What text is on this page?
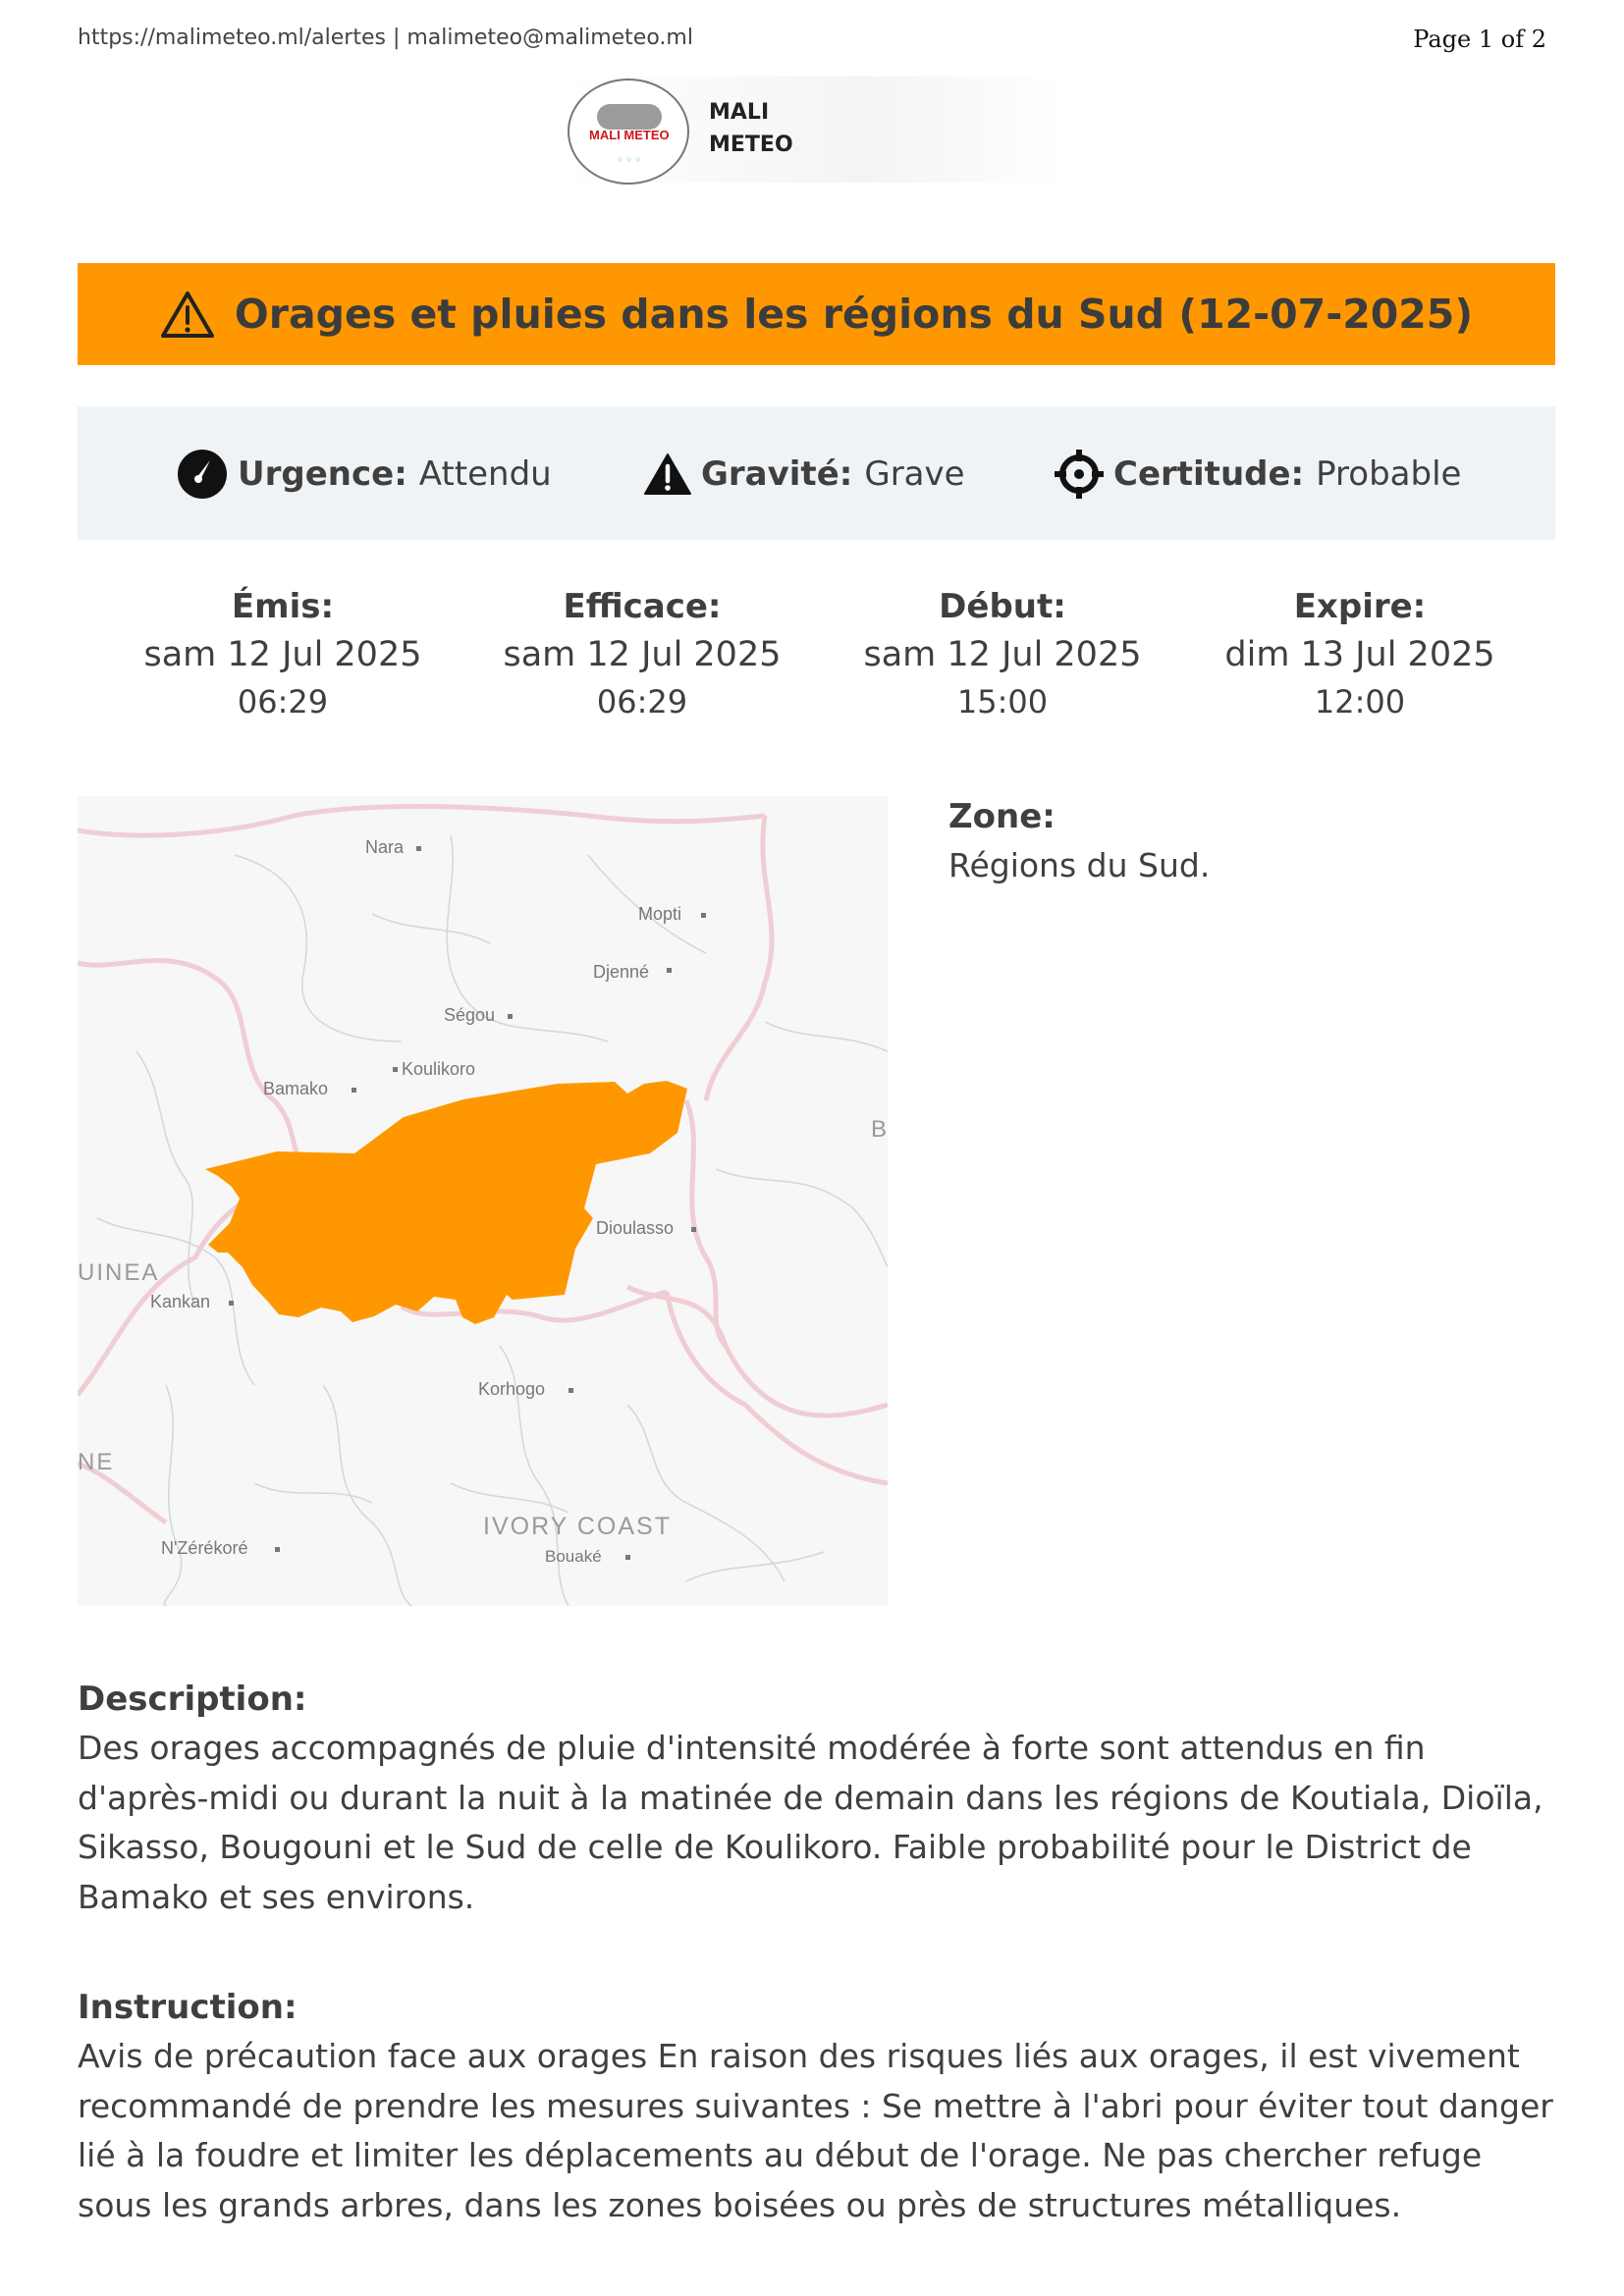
https://malimeteo.ml/alertes | malimeteo@malimeteo.ml	Page 1 of 2
MALI METEO
◦◦◦
MALI
METEO
Orages et pluies dans les régions du Sud (12-07-2025)
Urgence: Attendu	Gravité: Grave	Certitude: Probable
Émis:
sam 12 Jul 2025
06:29
Efficace:
sam 12 Jul 2025
06:29
Début:
sam 12 Jul 2025
15:00
Expire:
dim 13 Jul 2025
12:00
Nara
Mopti
Djenné
Ségou
Koulikoro
Bamako
Dioulasso
Kankan
Korhogo
N'Zérékoré	Bouaké
UINEA
NE
IVORY COAST
B
Zone:
Régions du Sud.
Description:
Des orages accompagnés de pluie d'intensité modérée à forte sont attendus en fin d'après-midi ou durant la nuit à la matinée de demain dans les régions de Koutiala, Dioïla, Sikasso, Bougouni et le Sud de celle de Koulikoro. Faible probabilité pour le District de Bamako et ses environs.
Instruction:
Avis de précaution face aux orages En raison des risques liés aux orages, il est vivement recommandé de prendre les mesures suivantes : Se mettre à l'abri pour éviter tout danger lié à la foudre et limiter les déplacements au début de l'orage. Ne pas chercher refuge sous les grands arbres, dans les zones boisées ou près de structures métalliques.
